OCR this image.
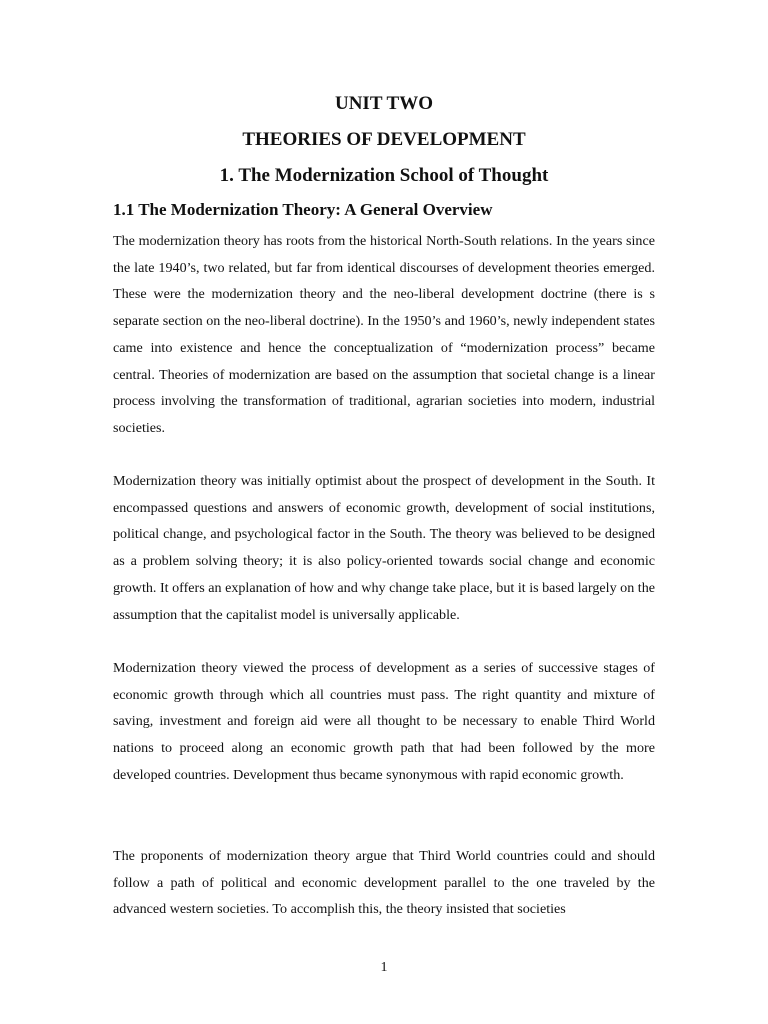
UNIT TWO
THEORIES OF DEVELOPMENT
1. The Modernization School of Thought
1.1 The Modernization Theory: A General Overview

The modernization theory has roots from the historical North-South relations. In the years since the late 1940’s, two related, but far from identical discourses of development theories emerged. These were the modernization theory and the neo-liberal development doctrine (there is s separate section on the neo-liberal doctrine). In the 1950’s and 1960’s, newly independent states came into existence and hence the conceptualization of “modernization process” became central. Theories of modernization are based on the assumption that societal change is a linear process involving the transformation of traditional, agrarian societies into modern, industrial societies.

Modernization theory was initially optimist about the prospect of development in the South. It encompassed questions and answers of economic growth, development of social institutions, political change, and psychological factor in the South. The theory was believed to be designed as a problem solving theory; it is also policy-oriented towards social change and economic growth. It offers an explanation of how and why change take place, but it is based largely on the assumption that the capitalist model is universally applicable.

Modernization theory viewed the process of development as a series of successive stages of economic growth through which all countries must pass. The right quantity and mixture of saving, investment and foreign aid were all thought to be necessary to enable Third World nations to proceed along an economic growth path that had been followed by the more developed countries. Development thus became synonymous with rapid economic growth.

The proponents of modernization theory argue that Third World countries could and should follow a path of political and economic development parallel to the one traveled by the advanced western societies. To accomplish this, the theory insisted that societies

1
